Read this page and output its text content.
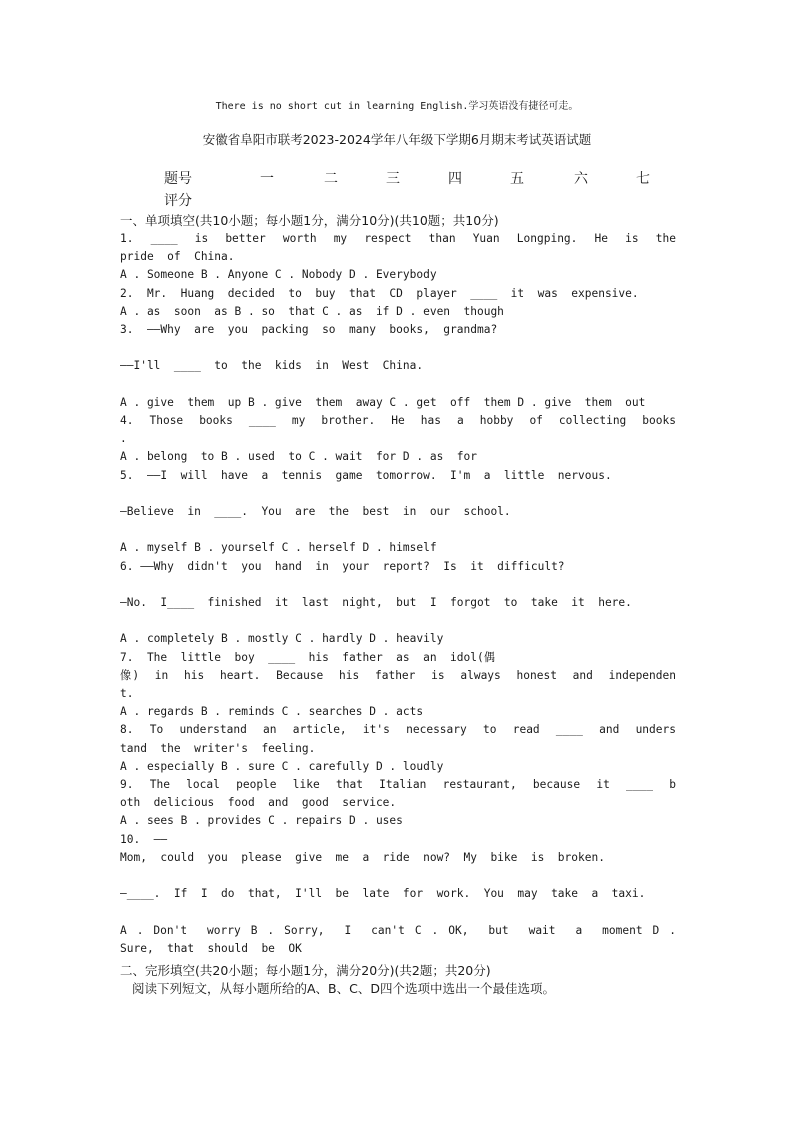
There is no short cut in learning English.学习英语没有捷径可走。
安徽省阜阳市联考2023-2024学年八年级下学期6月期末考试英语试题
题号	一	二	三	四	五	六	七
评分
一、单项填空(共10小题；每小题1分，满分10分)(共10题；共10分)
1.  ____  is  better  worth  my  respect  than  Yuan  Longping.  He  is  the
pride  of  China.
A . Someone B . Anyone C . Nobody D . Everybody
2.  Mr.  Huang  decided  to  buy  that  CD  player  ____  it  was  expensive.
A . as  soon  as B . so  that C . as  if D . even  though
3.  ——Why  are  you  packing  so  many  books,  grandma?
——I'll  ____  to  the  kids  in  West  China.
A . give  them  up B . give  them  away C . get  off  them D . give  them  out
4.  Those  books  ____  my  brother.  He  has  a  hobby  of  collecting  books
.
A . belong  to B . used  to C . wait  for D . as  for
5.  ——I  will  have  a  tennis  game  tomorrow.  I'm  a  little  nervous.
—Believe  in  ____.  You  are  the  best  in  our  school.
A . myself B . yourself C . herself D . himself
6. ——Why  didn't  you  hand  in  your  report?  Is  it  difficult?
—No.  I____  finished  it  last  night,  but  I  forgot  to  take  it  here.
A . completely B . mostly C . hardly D . heavily
7.  The  little  boy  ____  his  father  as  an  idol(偶
像)  in  his  heart.  Because  his  father  is  always  honest  and  independen
t.
A . regards B . reminds C . searches D . acts
8.  To  understand  an  article,  it's  necessary  to  read  ____  and  unders
tand  the  writer's  feeling.
A . especially B . sure C . carefully D . loudly
9.  The  local  people  like  that  Italian  restaurant,  because  it  ____  b
oth  delicious  food  and  good  service.
A . sees B . provides C . repairs D . uses
10.  ——
Mom,  could  you  please  give  me  a  ride  now?  My  bike  is  broken.
—____.  If  I  do  that,  I'll  be  late  for  work.  You  may  take  a  taxi.
A . Don't  worry B . Sorry,  I  can't C . OK,  but  wait  a  moment D .
Sure,  that  should  be  OK
二、完形填空(共20小题；每小题1分，满分20分)(共2题；共20分)
阅读下列短文，从每小题所给的A、B、C、D四个选项中选出一个最佳选项。
